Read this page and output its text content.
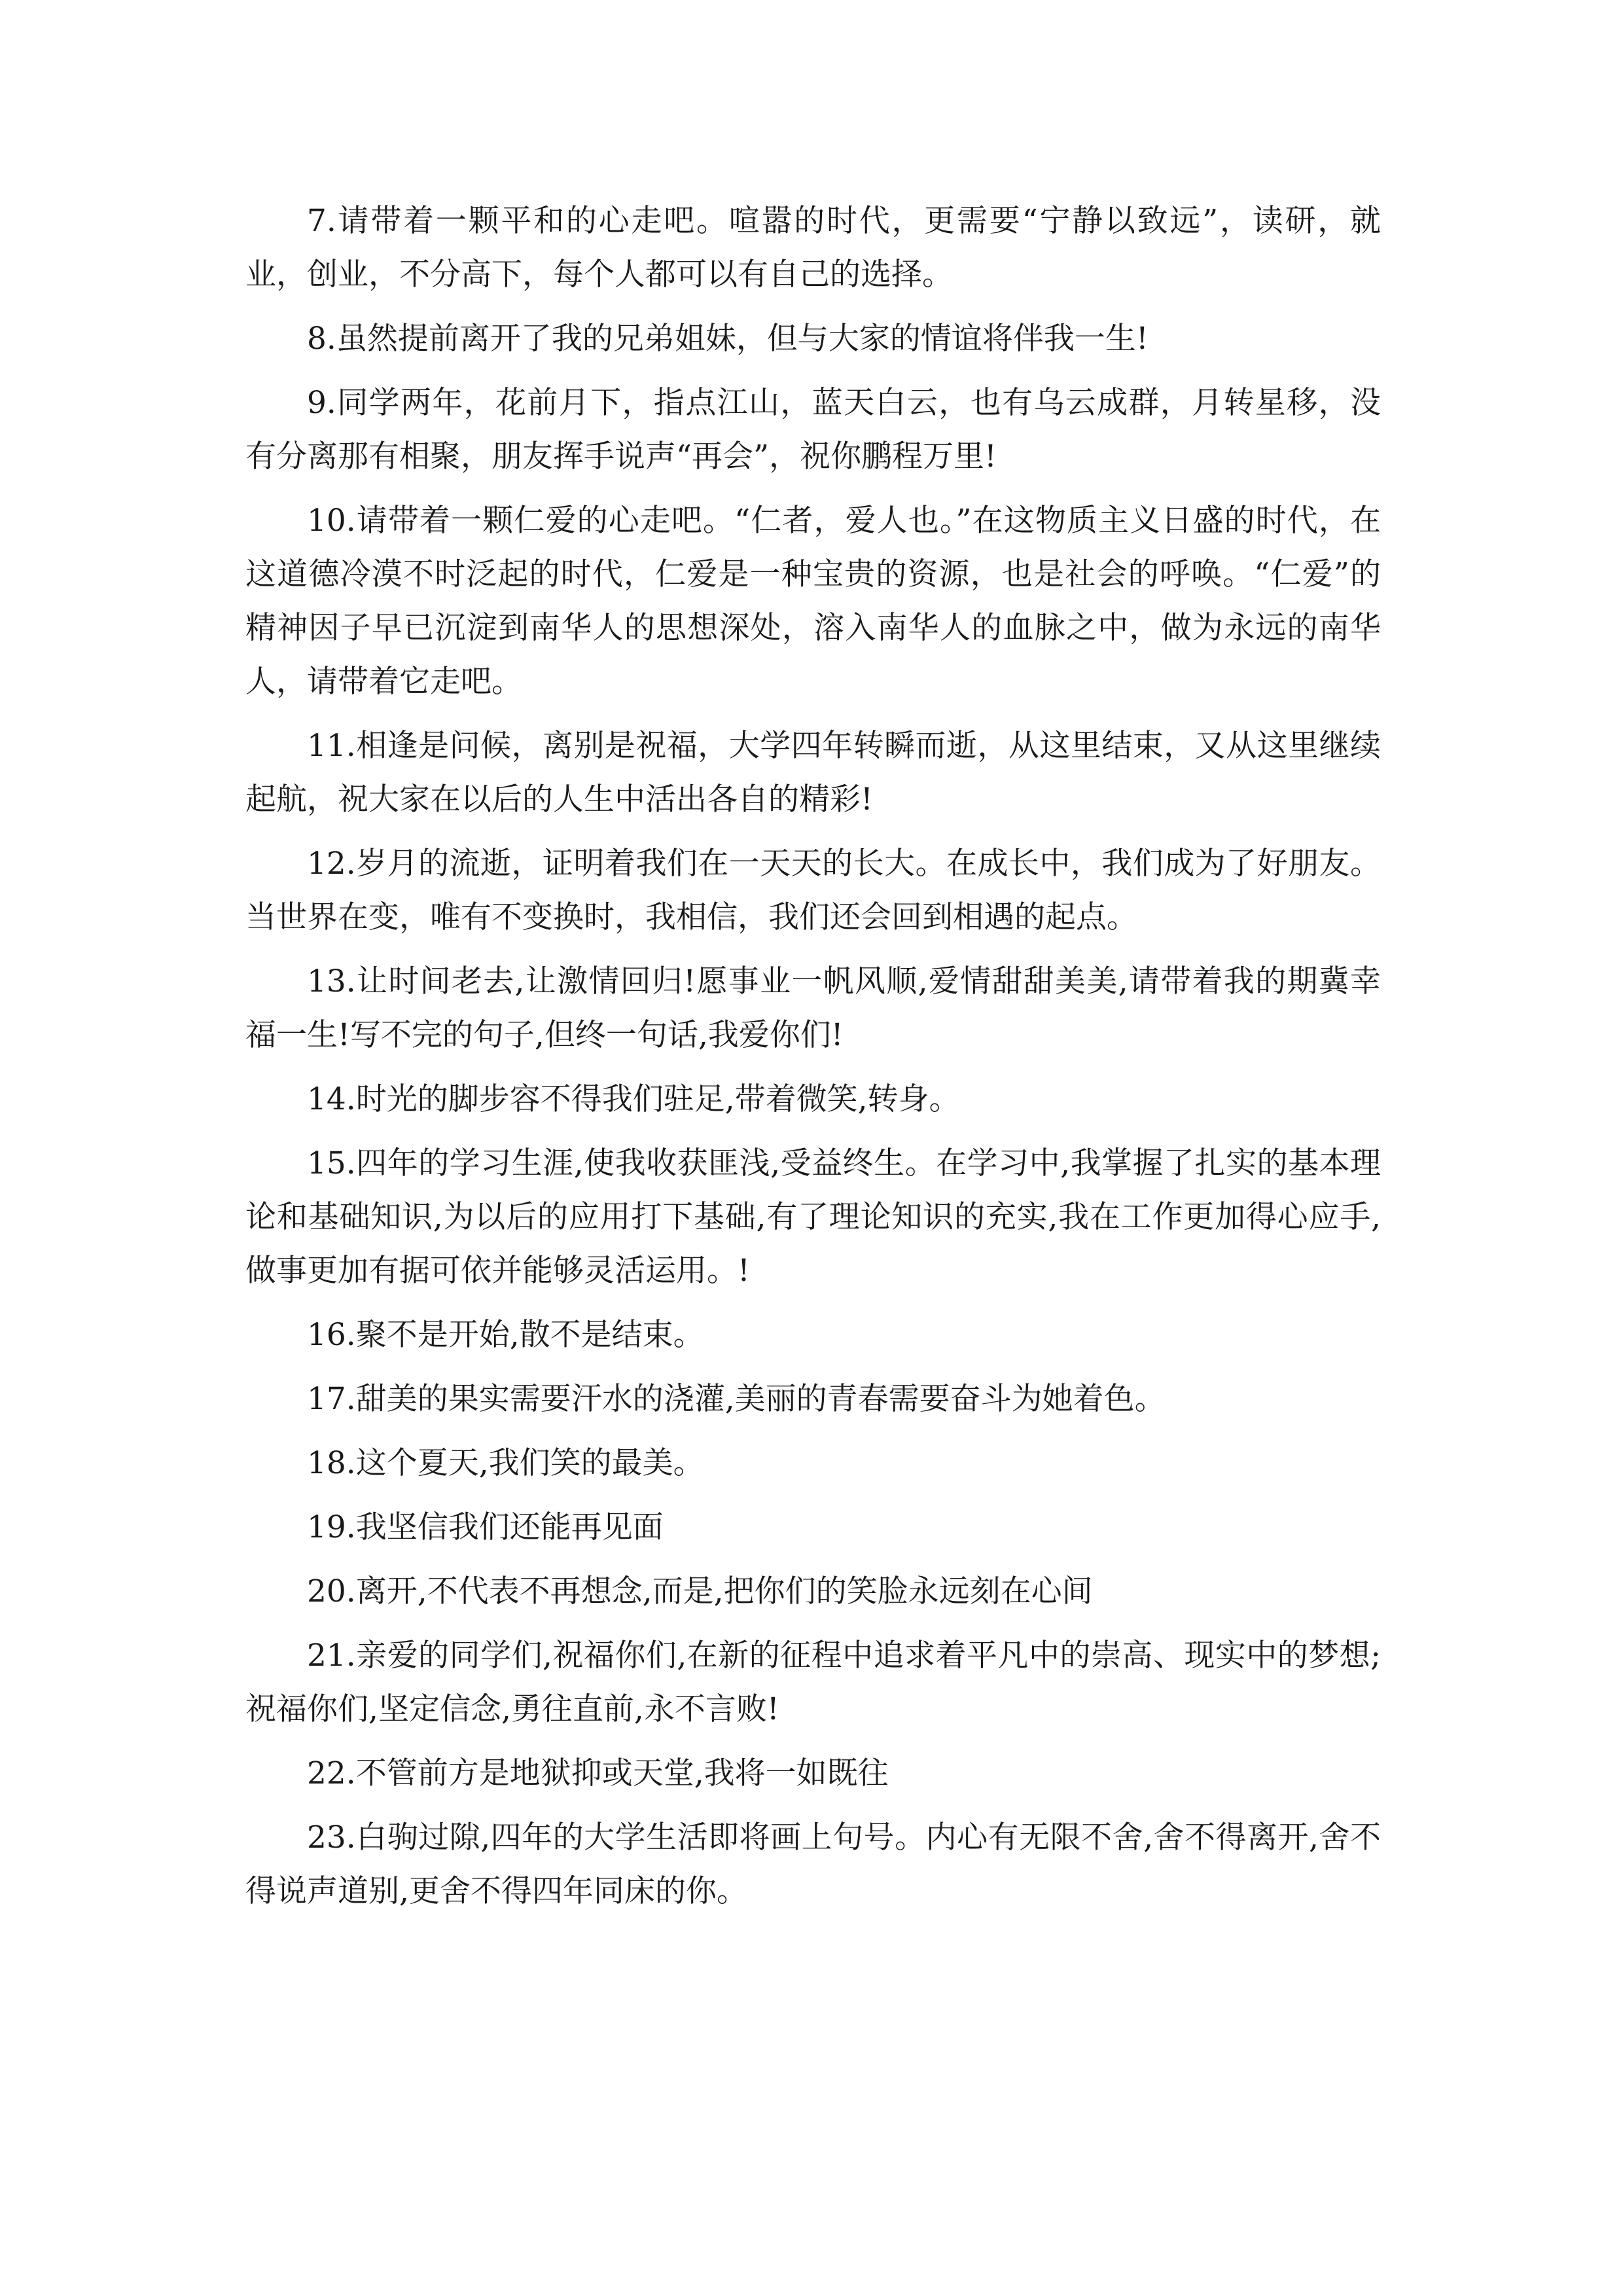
7.请带着一颗平和的心走吧。喧嚣的时代，更需要“宁静以致远”，读研，就业，创业，不分高下，每个人都可以有自己的选择。

8.虽然提前离开了我的兄弟姐妹，但与大家的情谊将伴我一生!

9.同学两年，花前月下，指点江山，蓝天白云，也有乌云成群，月转星移，没有分离那有相聚，朋友挥手说声“再会”，祝你鹏程万里!

10.请带着一颗仁爱的心走吧。“仁者，爱人也。”在这物质主义日盛的时代，在这道德冷漠不时泛起的时代，仁爱是一种宝贵的资源，也是社会的呼唤。“仁爱”的精神因子早已沉淀到南华人的思想深处，溶入南华人的血脉之中，做为永远的南华人，请带着它走吧。

11.相逢是问候，离别是祝福，大学四年转瞬而逝，从这里结束，又从这里继续起航，祝大家在以后的人生中活出各自的精彩!

12.岁月的流逝，证明着我们在一天天的长大。在成长中，我们成为了好朋友。当世界在变，唯有不变换时，我相信，我们还会回到相遇的起点。

13.让时间老去,让激情回归!愿事业一帆风顺,爱情甜甜美美,请带着我的期冀幸福一生!写不完的句子,但终一句话,我爱你们!

14.时光的脚步容不得我们驻足,带着微笑,转身。

15.四年的学习生涯,使我收获匪浅,受益终生。在学习中,我掌握了扎实的基本理论和基础知识,为以后的应用打下基础,有了理论知识的充实,我在工作更加得心应手,做事更加有据可依并能够灵活运用。!

16.聚不是开始,散不是结束。

17.甜美的果实需要汗水的浇灌,美丽的青春需要奋斗为她着色。

18.这个夏天,我们笑的最美。

19.我坚信我们还能再见面

20.离开,不代表不再想念,而是,把你们的笑脸永远刻在心间

21.亲爱的同学们,祝福你们,在新的征程中追求着平凡中的崇高、现实中的梦想;祝福你们,坚定信念,勇往直前,永不言败!

22.不管前方是地狱抑或天堂,我将一如既往

23.白驹过隙,四年的大学生活即将画上句号。内心有无限不舍,舍不得离开,舍不得说声道别,更舍不得四年同床的你。
